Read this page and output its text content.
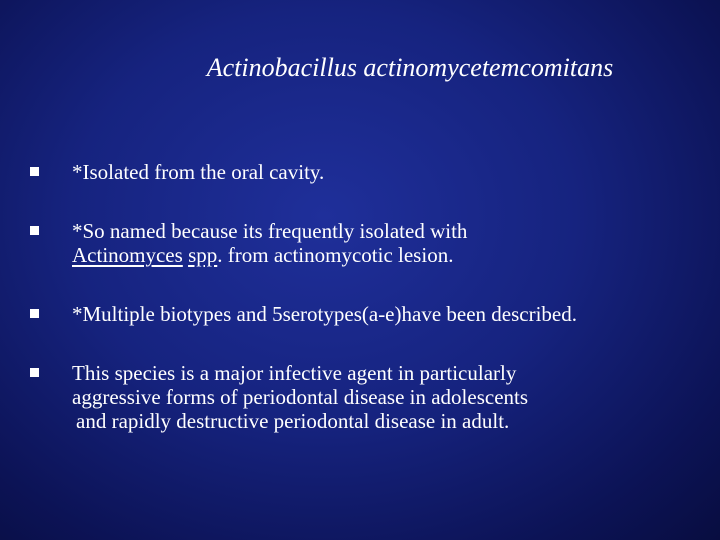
Actinobacillus actinomycetemcomitans
*Isolated from the oral cavity.
*So named because its frequently isolated with
Actinomyces spp. from actinomycotic lesion.
*Multiple biotypes and 5serotypes(a-e)have been described.
This species is a major infective agent in particularly
aggressive forms of periodontal disease in adolescents
and rapidly destructive periodontal disease in adult.
